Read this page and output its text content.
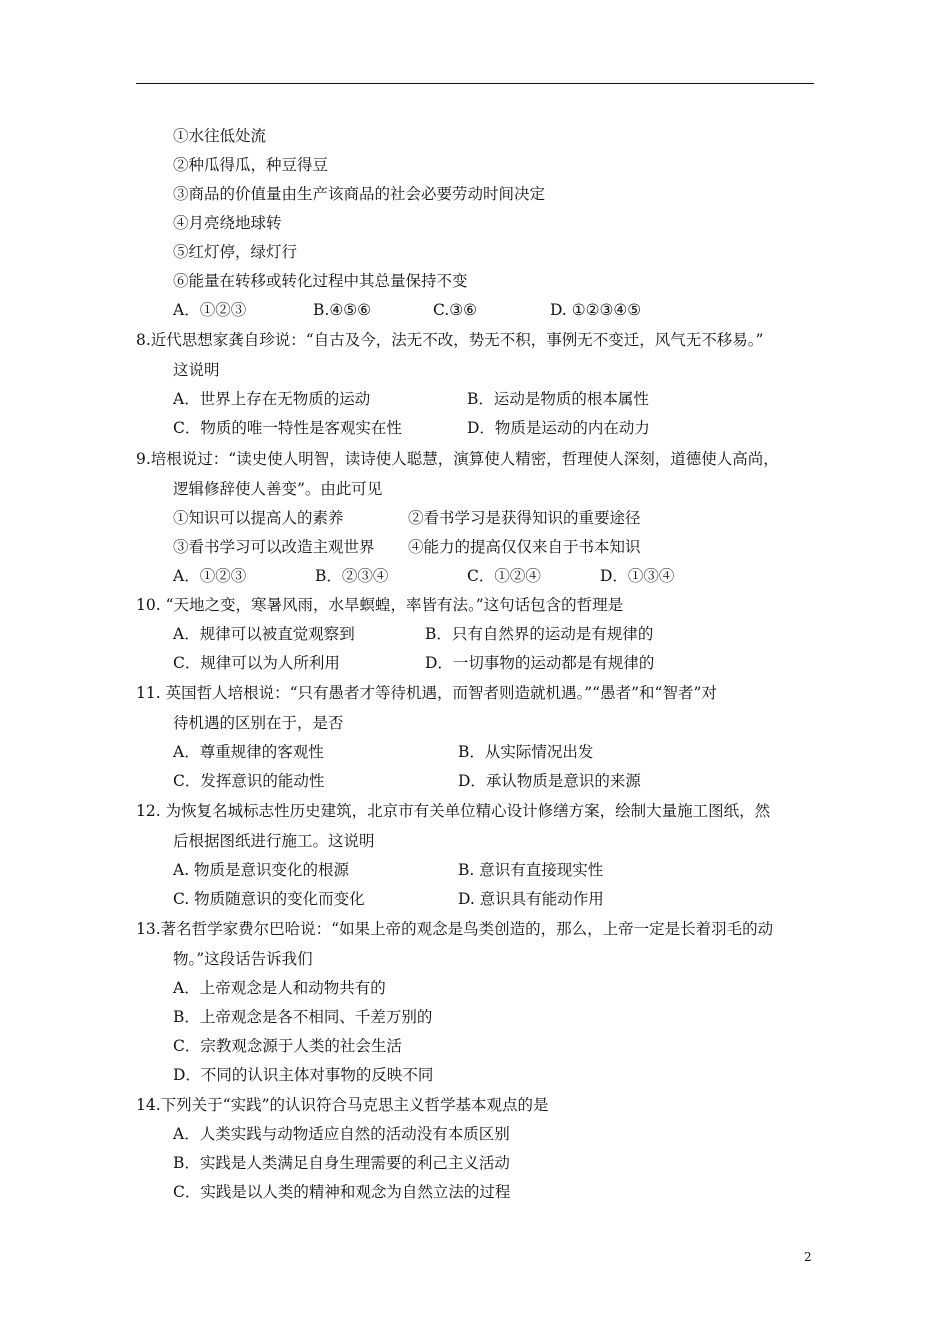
①水往低处流
②种瓜得瓜，种豆得豆
③商品的价值量由生产该商品的社会必要劳动时间决定
④月亮绕地球转
⑤红灯停，绿灯行
⑥能量在转移或转化过程中其总量保持不变
A．①②③	B.④⑤⑥	C.③⑥	D. ①②③④⑤
8.近代思想家龚自珍说：“自古及今，法无不改，势无不积，事例无不变迁，风气无不移易。”
这说明
A．世界上存在无物质的运动	B．运动是物质的根本属性
C．物质的唯一特性是客观实在性	D．物质是运动的内在动力
9.培根说过：“读史使人明智，读诗使人聪慧，演算使人精密，哲理使人深刻，道德使人高尚，
逻辑修辞使人善变”。由此可见
①知识可以提高人的素养	②看书学习是获得知识的重要途径
③看书学习可以改造主观世界 ④能力的提高仅仅来自于书本知识
A．①②③	B．②③④	C．①②④	D．①③④
10. “天地之变，寒暑风雨，水旱螟蝗，率皆有法。”这句话包含的哲理是
A．规律可以被直觉观察到	B．只有自然界的运动是有规律的
C．规律可以为人所利用	D．一切事物的运动都是有规律的
11. 英国哲人培根说：“只有愚者才等待机遇，而智者则造就机遇。”“愚者”和“智者”对
待机遇的区别在于，是否
A．尊重规律的客观性	B．从实际情况出发
C．发挥意识的能动性	D．承认物质是意识的来源
12. 为恢复名城标志性历史建筑，北京市有关单位精心设计修缮方案，绘制大量施工图纸，然
后根据图纸进行施工。这说明
A. 物质是意识变化的根源	B. 意识有直接现实性
C. 物质随意识的变化而变化	D. 意识具有能动作用
13.著名哲学家费尔巴哈说：“如果上帝的观念是鸟类创造的，那么，上帝一定是长着羽毛的动
物。”这段话告诉我们
A．上帝观念是人和动物共有的
B．上帝观念是各不相同、千差万别的
C．宗教观念源于人类的社会生活
D．不同的认识主体对事物的反映不同
14.下列关于“实践”的认识符合马克思主义哲学基本观点的是
A．人类实践与动物适应自然的活动没有本质区别
B．实践是人类满足自身生理需要的利己主义活动
C．实践是以人类的精神和观念为自然立法的过程
2
